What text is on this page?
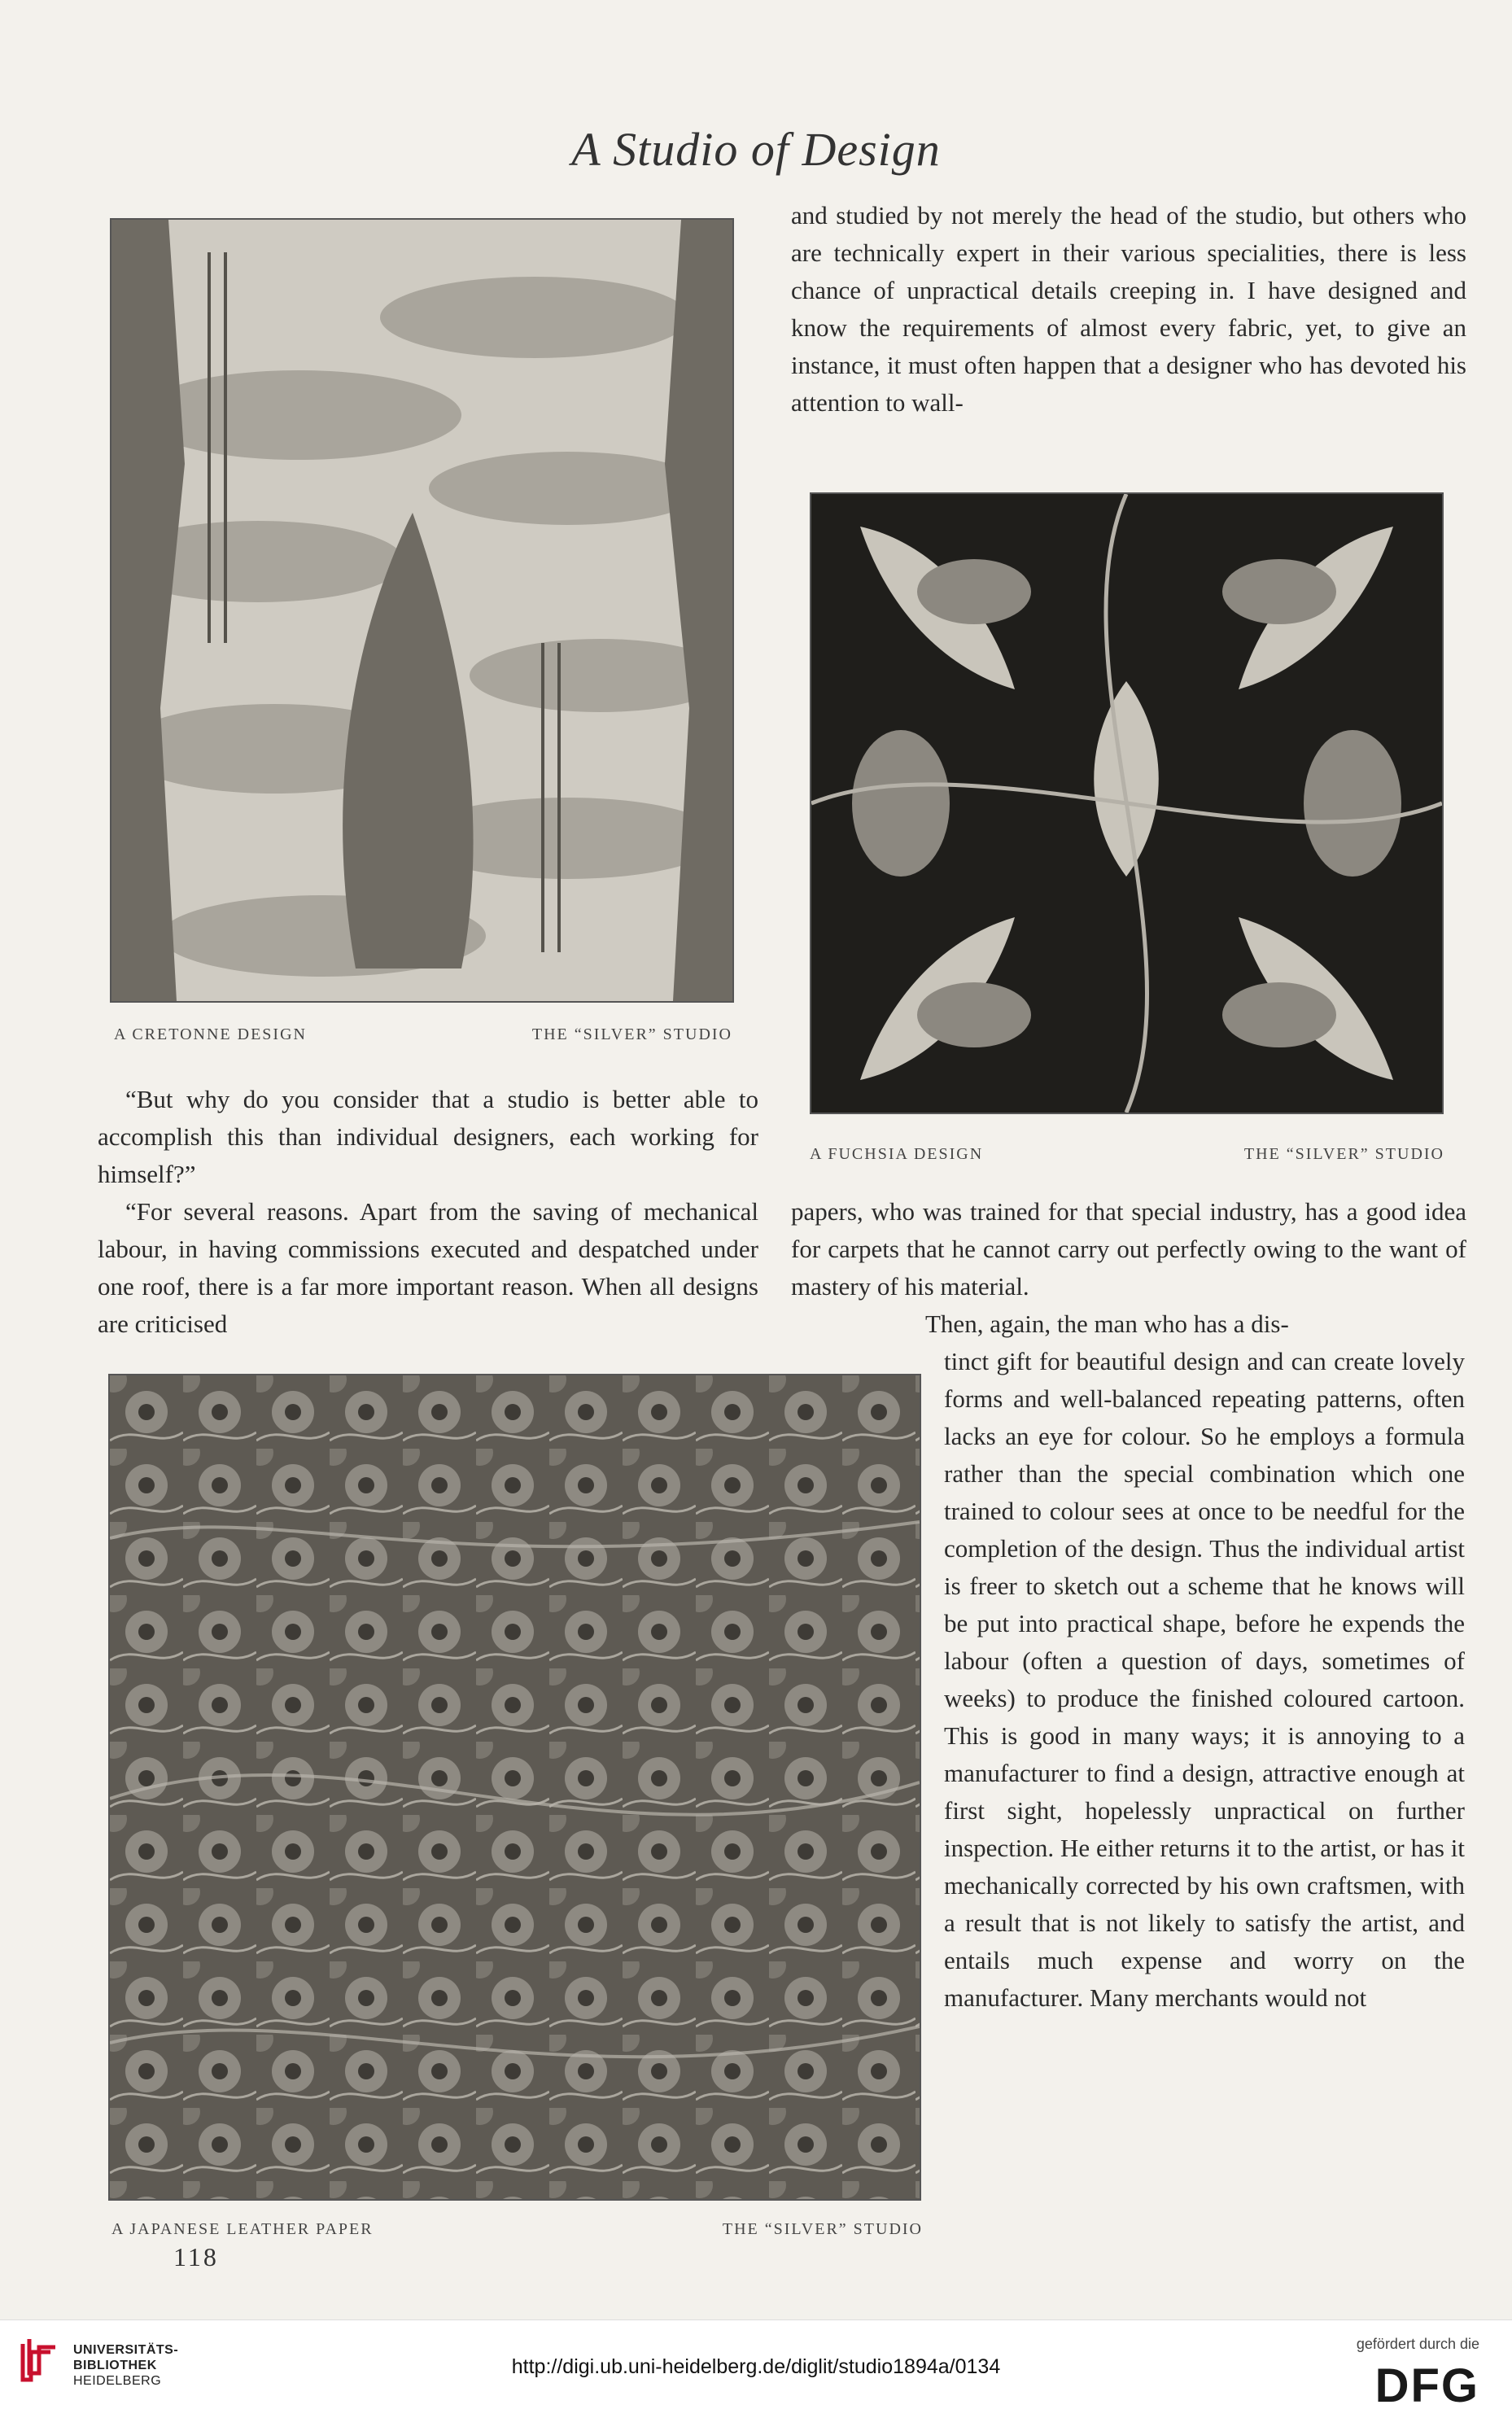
A Studio of Design
A CRETONNE DESIGN	THE “SILVER” STUDIO

and studied by not merely the head of the studio, but others who are technically expert in their various specialities, there is less chance of unpractical details creeping in. I have designed and know the requirements of almost every fabric, yet, to give an instance, it must often happen that a designer who has devoted his attention to wall-

A FUCHSIA DESIGN	THE “SILVER” STUDIO

“But why do you consider that a studio is better able to accomplish this than individual designers, each working for himself?”

“For several reasons. Apart from the saving of mechanical labour, in having commissions executed and despatched under one roof, there is a far more important reason. When all designs are criticised

papers, who was trained for that special industry, has a good idea for carpets that he cannot carry out perfectly owing to the want of mastery of his material.

Then, again, the man who has a dis-

A JAPANESE LEATHER PAPER	THE “SILVER” STUDIO

tinct gift for beautiful design and can create lovely forms and well-balanced repeating patterns, often lacks an eye for colour. So he employs a formula rather than the special combination which one trained to colour sees at once to be needful for the completion of the design. Thus the individual artist is freer to sketch out a scheme that he knows will be put into practical shape, before he expends the labour (often a question of days, sometimes of weeks) to produce the finished coloured cartoon. This is good in many ways; it is annoying to a manufacturer to find a design, attractive enough at first sight, hopelessly unpractical on further inspection. He either returns it to the artist, or has it mechanically corrected by his own craftsmen, with a result that is not likely to satisfy the artist, and entails much expense and worry on the manufacturer. Many merchants would not

118
UNIVERSITÄTS-
BIBLIOTHEK
HEIDELBERG
http://digi.ub.uni-heidelberg.de/diglit/studio1894a/0134
gefördert durch die
DFG
